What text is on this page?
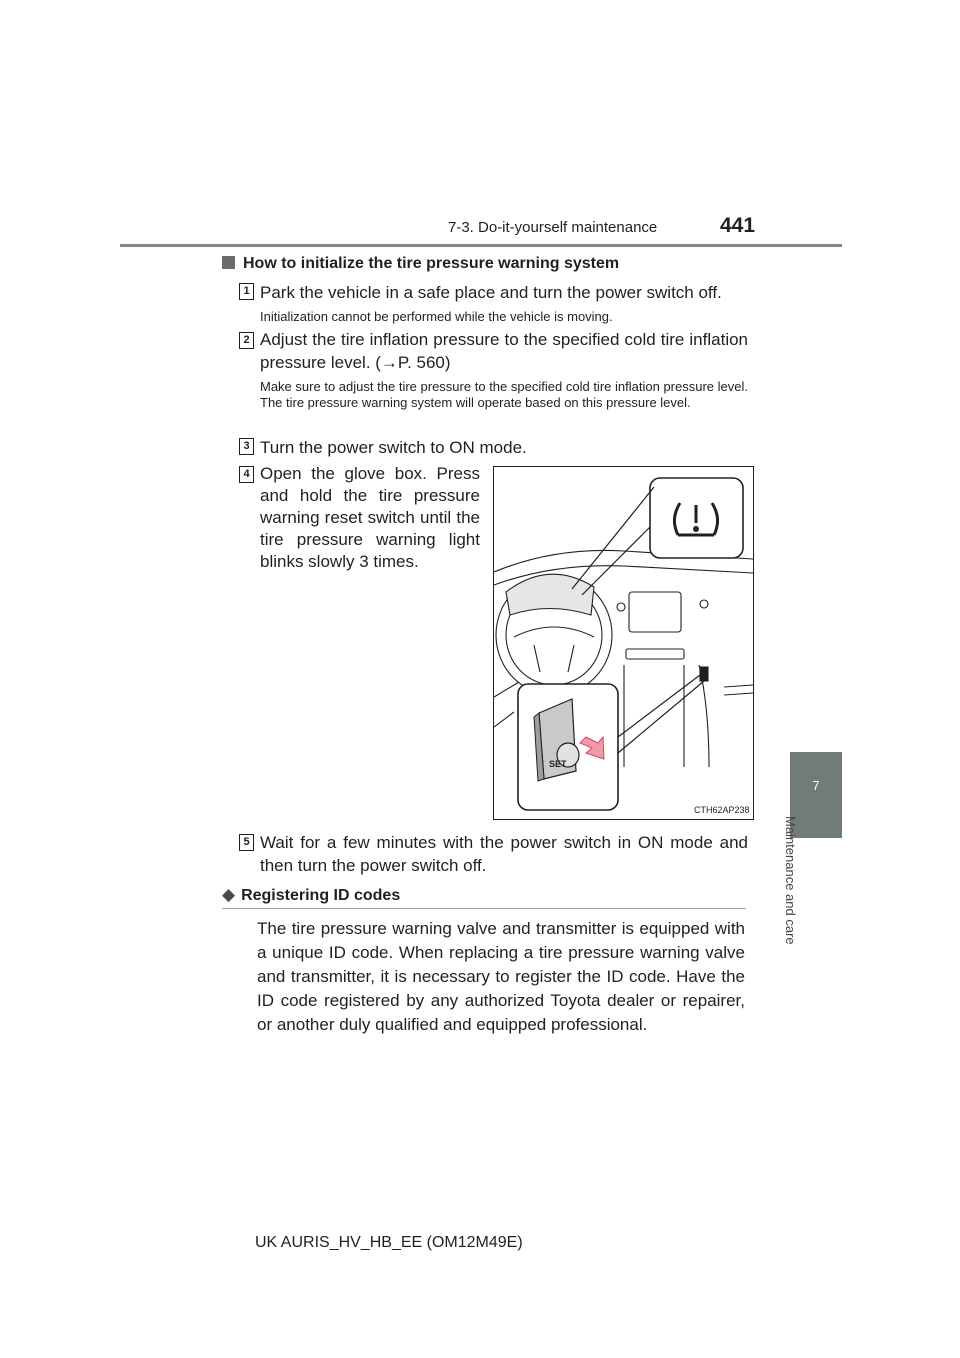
7-3. Do-it-yourself maintenance	441
7
Maintenance and care
How to initialize the tire pressure warning system
1 Park the vehicle in a safe place and turn the power switch off.
Initialization cannot be performed while the vehicle is moving.
2 Adjust the tire inflation pressure to the specified cold tire inflation pressure level. (→P. 560)
Make sure to adjust the tire pressure to the specified cold tire inflation pressure level. The tire pressure warning system will operate based on this pressure level.
3 Turn the power switch to ON mode.
4 Open the glove box. Press and hold the tire pressure warning reset switch until the tire pressure warning light blinks slowly 3 times.
SET
CTH62AP238
5 Wait for a few minutes with the power switch in ON mode and then turn the power switch off.
◆ Registering ID codes
The tire pressure warning valve and transmitter is equipped with a unique ID code. When replacing a tire pressure warning valve and transmitter, it is necessary to register the ID code. Have the ID code registered by any authorized Toyota dealer or repairer, or another duly qualified and equipped professional.
UK AURIS_HV_HB_EE (OM12M49E)
